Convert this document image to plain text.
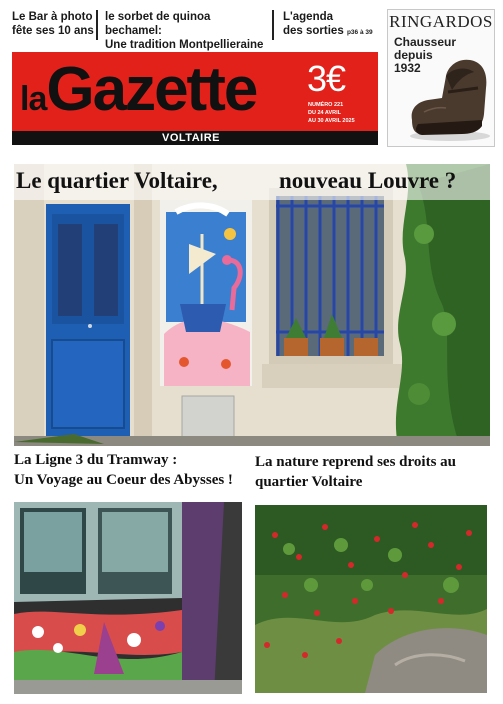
Le Bar à photo
fête ses 10 ans
le sorbet de quinoa bechamel:
Une tradition Montpellieraine
L'agenda
des sorties p36 à 39
laGazette 3€
NUMÉRO 221
DU 24 AVRIL
AU 30 AVRIL 2025
VOLTAIRE
RINGARDOS
Chausseur
depuis
1932
Le quartier Voltaire,	nouveau Louvre ?
La Ligne 3 du Tramway :
Un Voyage au Coeur des Abysses !
La nature reprend ses droits au
quartier Voltaire
